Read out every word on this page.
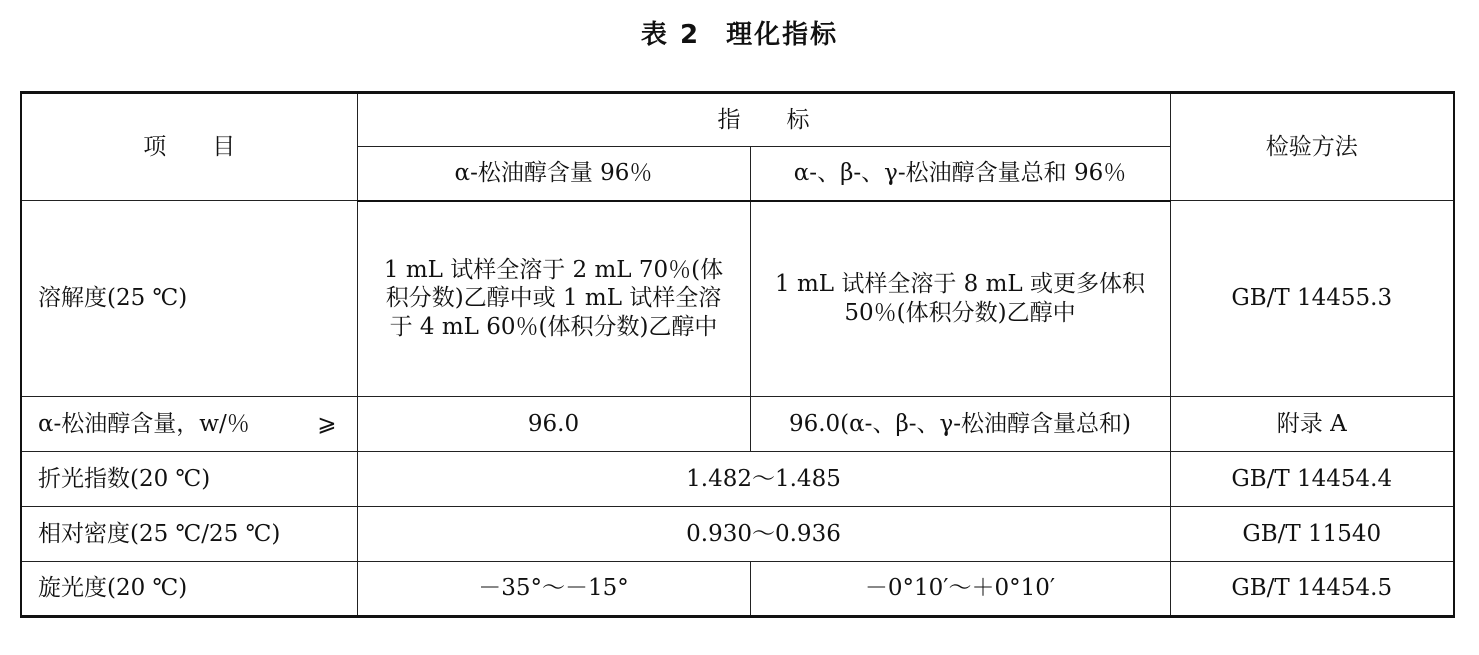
表 2 理化指标
项　　目	指　　标		检验方法
	α-松油醇含量 96％	α-、β-、γ-松油醇含量总和 96％	
溶解度(25 ℃)	1 mL 试样全溶于 2 mL 70％(体积分数)乙醇中或 1 mL 试样全溶于 4 mL 60％(体积分数)乙醇中	1 mL 试样全溶于 8 mL 或更多体积 50％(体积分数)乙醇中	GB/T 14455.3

α-松油醇含量，w/％ ⩾	96.0	96.0(α-、β-、γ-松油醇含量总和)	附录 A
折光指数(20 ℃)	1.482～1.485		GB/T 14454.4
相对密度(25 ℃/25 ℃)	0.930～0.936		GB/T 11540
旋光度(20 ℃)	－35°～－15°	－0°10′～＋0°10′	GB/T 14454.5
